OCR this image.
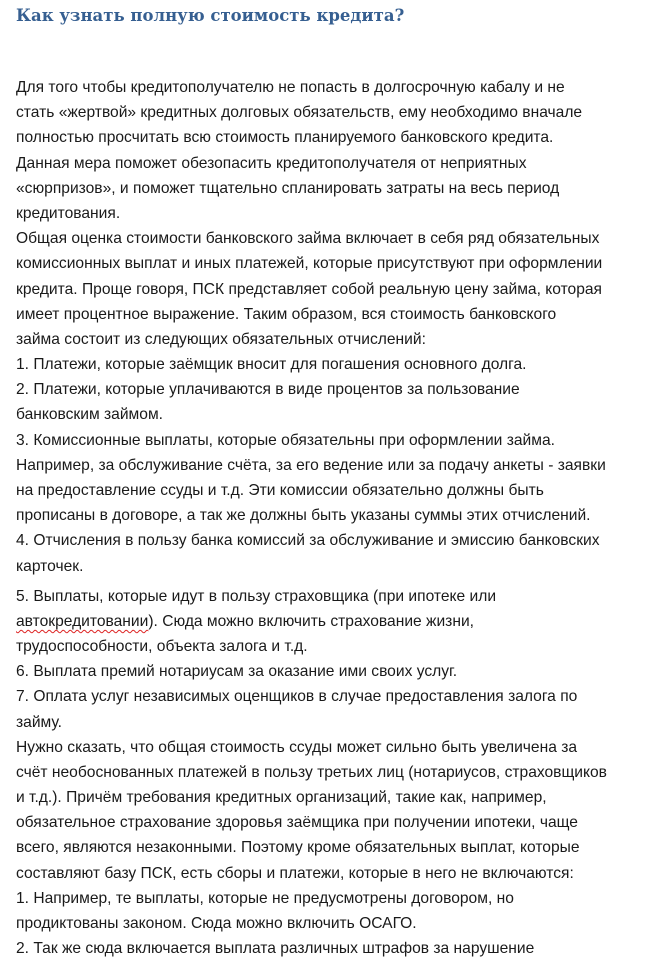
Как узнать полную стоимость кредита?
Для того чтобы кредитополучателю не попасть в долгосрочную кабалу и не
стать «жертвой» кредитных долговых обязательств, ему необходимо вначале
полностью просчитать всю стоимость планируемого банковского кредита.
Данная мера поможет обезопасить кредитополучателя от неприятных
«сюрпризов», и поможет тщательно спланировать затраты на весь период
кредитования.
Общая оценка стоимости банковского займа включает в себя ряд обязательных
комиссионных выплат и иных платежей, которые присутствуют при оформлении
кредита. Проще говоря, ПСК представляет собой реальную цену займа, которая
имеет процентное выражение. Таким образом, вся стоимость банковского
займа состоит из следующих обязательных отчислений:
1. Платежи, которые заёмщик вносит для погашения основного долга.
2. Платежи, которые уплачиваются в виде процентов за пользование
банковским займом.
3. Комиссионные выплаты, которые обязательны при оформлении займа.
Например, за обслуживание счёта, за его ведение или за подачу анкеты - заявки
на предоставление ссуды и т.д. Эти комиссии обязательно должны быть
прописаны в договоре, а так же должны быть указаны суммы этих отчислений.
4. Отчисления в пользу банка комиссий за обслуживание и эмиссию банковских
карточек.
5. Выплаты, которые идут в пользу страховщика (при ипотеке или
автокредитовании). Сюда можно включить страхование жизни,
трудоспособности, объекта залога и т.д.
6. Выплата премий нотариусам за оказание ими своих услуг.
7. Оплата услуг независимых оценщиков в случае предоставления залога по
займу.
Нужно сказать, что общая стоимость ссуды может сильно быть увеличена за
счёт необоснованных платежей в пользу третьих лиц (нотариусов, страховщиков
и т.д.). Причём требования кредитных организаций, такие как, например,
обязательное страхование здоровья заёмщика при получении ипотеки, чаще
всего, являются незаконными. Поэтому кроме обязательных выплат, которые
составляют базу ПСК, есть сборы и платежи, которые в него не включаются:
1. Например, те выплаты, которые не предусмотрены договором, но
продиктованы законом. Сюда можно включить ОСАГО.
2. Так же сюда включается выплата различных штрафов за нарушение
